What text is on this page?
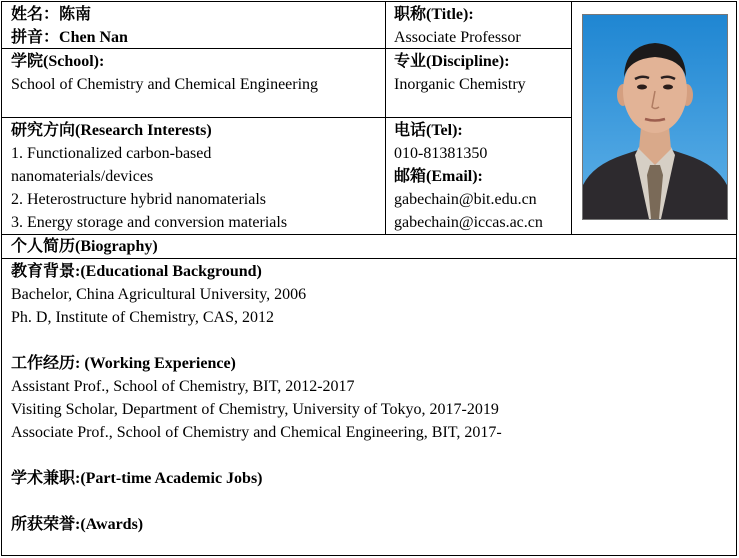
姓名：陈南
拼音：Chen Nan
职称(Title):
Associate Professor
学院(School):
School of Chemistry and Chemical Engineering
专业(Discipline):
Inorganic Chemistry
研究方向(Research Interests)
1. Functionalized carbon-based
nanomaterials/devices
2. Heterostructure hybrid nanomaterials
3. Energy storage and conversion materials
电话(Tel):
010-81381350
邮箱(Email):
gabechain@bit.edu.cn
gabechain@iccas.ac.cn
个人简历(Biography)
教育背景:(Educational Background)
Bachelor, China Agricultural University, 2006
Ph. D, Institute of Chemistry, CAS, 2012

工作经历: (Working Experience)
Assistant Prof., School of Chemistry, BIT, 2012-2017
Visiting Scholar, Department of Chemistry, University of Tokyo, 2017-2019
Associate Prof., School of Chemistry and Chemical Engineering, BIT, 2017-

学术兼职:(Part-time Academic Jobs)

所获荣誉:(Awards)
